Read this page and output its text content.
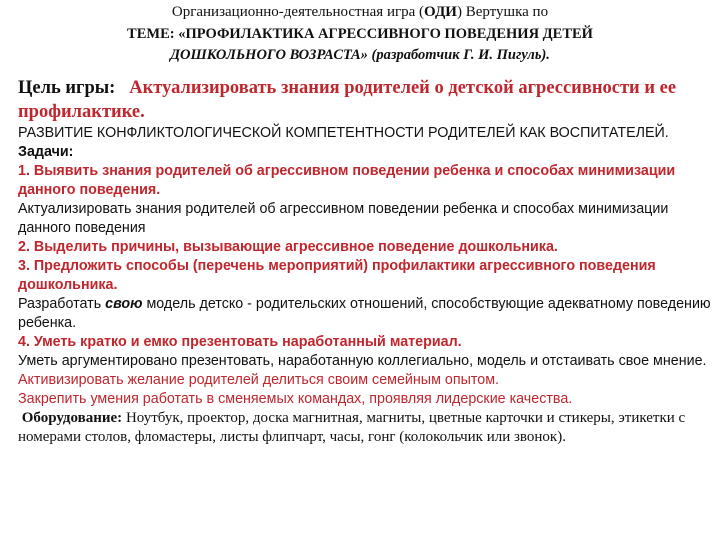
Организационно-деятельностная игра (ОДИ) Вертушка по
ТЕМЕ: «ПРОФИЛАКТИКА АГРЕССИВНОГО ПОВЕДЕНИЯ ДЕТЕЙ
ДОШКОЛЬНОГО ВОЗРАСТА» (разработчик Г. И. Пигуль).
Цель игры: Актуализировать знания родителей о детской агрессивности и ее профилактике.

РАЗВИТИЕ КОНФЛИКТОЛОГИЧЕСКОЙ КОМПЕТЕНТНОСТИ РОДИТЕЛЕЙ КАК ВОСПИТАТЕЛЕЙ.

Задачи:

1. Выявить знания родителей об агрессивном поведении ребенка и способах минимизации данного поведения.

Актуализировать знания родителей об агрессивном поведении ребенка и способах минимизации данного поведения

2. Выделить причины, вызывающие агрессивное поведение дошкольника.

3. Предложить способы (перечень мероприятий) профилактики агрессивного поведения дошкольника.

Разработать свою модель детско - родительских отношений, способствующие адекватному поведению ребенка.

4. Уметь кратко и емко презентовать наработанный материал.

Уметь аргументировано презентовать, наработанную коллегиально, модель и отстаивать свое мнение.

Активизировать желание родителей делиться своим семейным опытом.

Закрепить умения работать в сменяемых командах, проявляя лидерские качества.

Оборудование: Ноутбук, проектор, доска магнитная, магниты, цветные карточки и стикеры, этикетки с номерами столов, фломастеры, листы флипчарт, часы, гонг (колокольчик или звонок).
